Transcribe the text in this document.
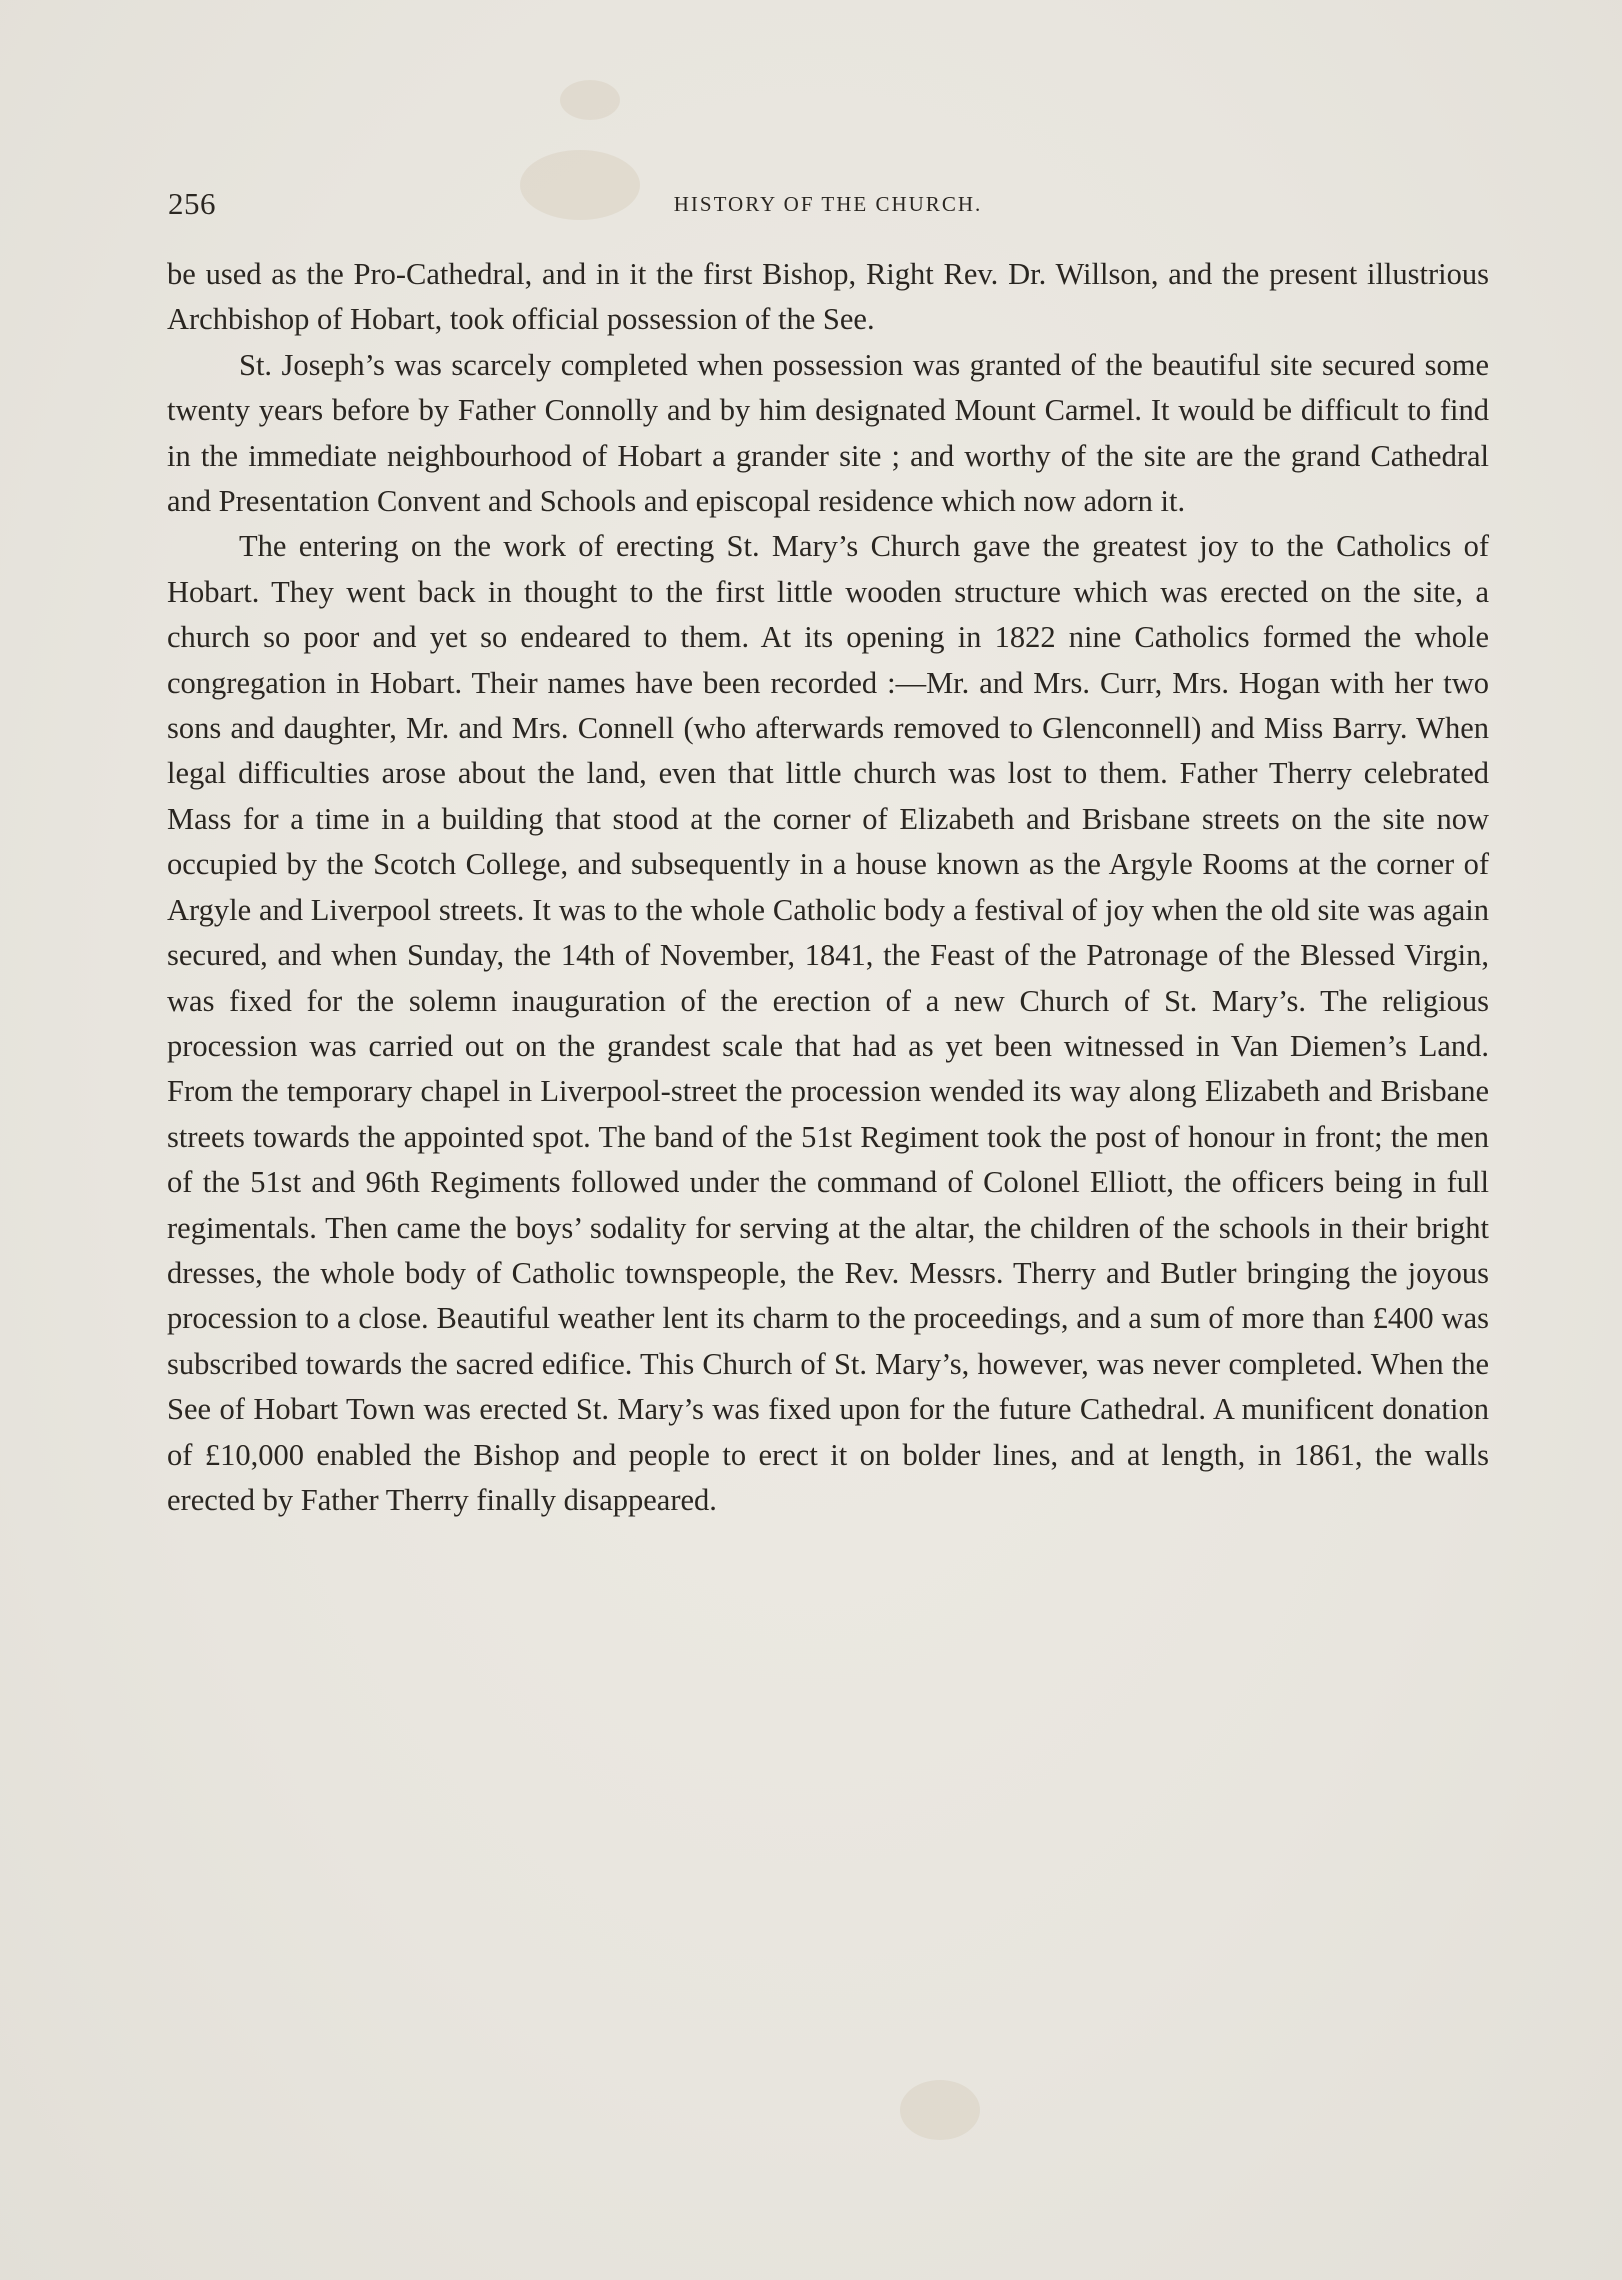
256	HISTORY OF THE CHURCH.

be used as the Pro-Cathedral, and in it the first Bishop, Right Rev. Dr. Willson, and the present illustrious Archbishop of Hobart, took official possession of the See.

St. Joseph’s was scarcely completed when possession was granted of the beautiful site secured some twenty years before by Father Connolly and by him designated Mount Carmel. It would be difficult to find in the immediate neighbourhood of Hobart a grander site ; and worthy of the site are the grand Cathedral and Presentation Convent and Schools and episcopal residence which now adorn it.

The entering on the work of erecting St. Mary’s Church gave the greatest joy to the Catholics of Hobart. They went back in thought to the first little wooden structure which was erected on the site, a church so poor and yet so endeared to them. At its opening in 1822 nine Catholics formed the whole congregation in Hobart. Their names have been recorded :—Mr. and Mrs. Curr, Mrs. Hogan with her two sons and daughter, Mr. and Mrs. Connell (who afterwards removed to Glenconnell) and Miss Barry. When legal difficulties arose about the land, even that little church was lost to them. Father Therry celebrated Mass for a time in a building that stood at the corner of Elizabeth and Brisbane streets on the site now occupied by the Scotch College, and subsequently in a house known as the Argyle Rooms at the corner of Argyle and Liverpool streets. It was to the whole Catholic body a festival of joy when the old site was again secured, and when Sunday, the 14th of November, 1841, the Feast of the Patronage of the Blessed Virgin, was fixed for the solemn inauguration of the erection of a new Church of St. Mary’s. The religious procession was carried out on the grandest scale that had as yet been witnessed in Van Diemen’s Land. From the temporary chapel in Liverpool-street the procession wended its way along Elizabeth and Brisbane streets towards the appointed spot. The band of the 51st Regiment took the post of honour in front; the men of the 51st and 96th Regiments followed under the command of Colonel Elliott, the officers being in full regimentals. Then came the boys’ sodality for serving at the altar, the children of the schools in their bright dresses, the whole body of Catholic townspeople, the Rev. Messrs. Therry and Butler bringing the joyous procession to a close. Beautiful weather lent its charm to the proceedings, and a sum of more than £400 was subscribed towards the sacred edifice. This Church of St. Mary’s, however, was never completed. When the See of Hobart Town was erected St. Mary’s was fixed upon for the future Cathedral. A munificent donation of £10,000 enabled the Bishop and people to erect it on bolder lines, and at length, in 1861, the walls erected by Father Therry finally disappeared.
